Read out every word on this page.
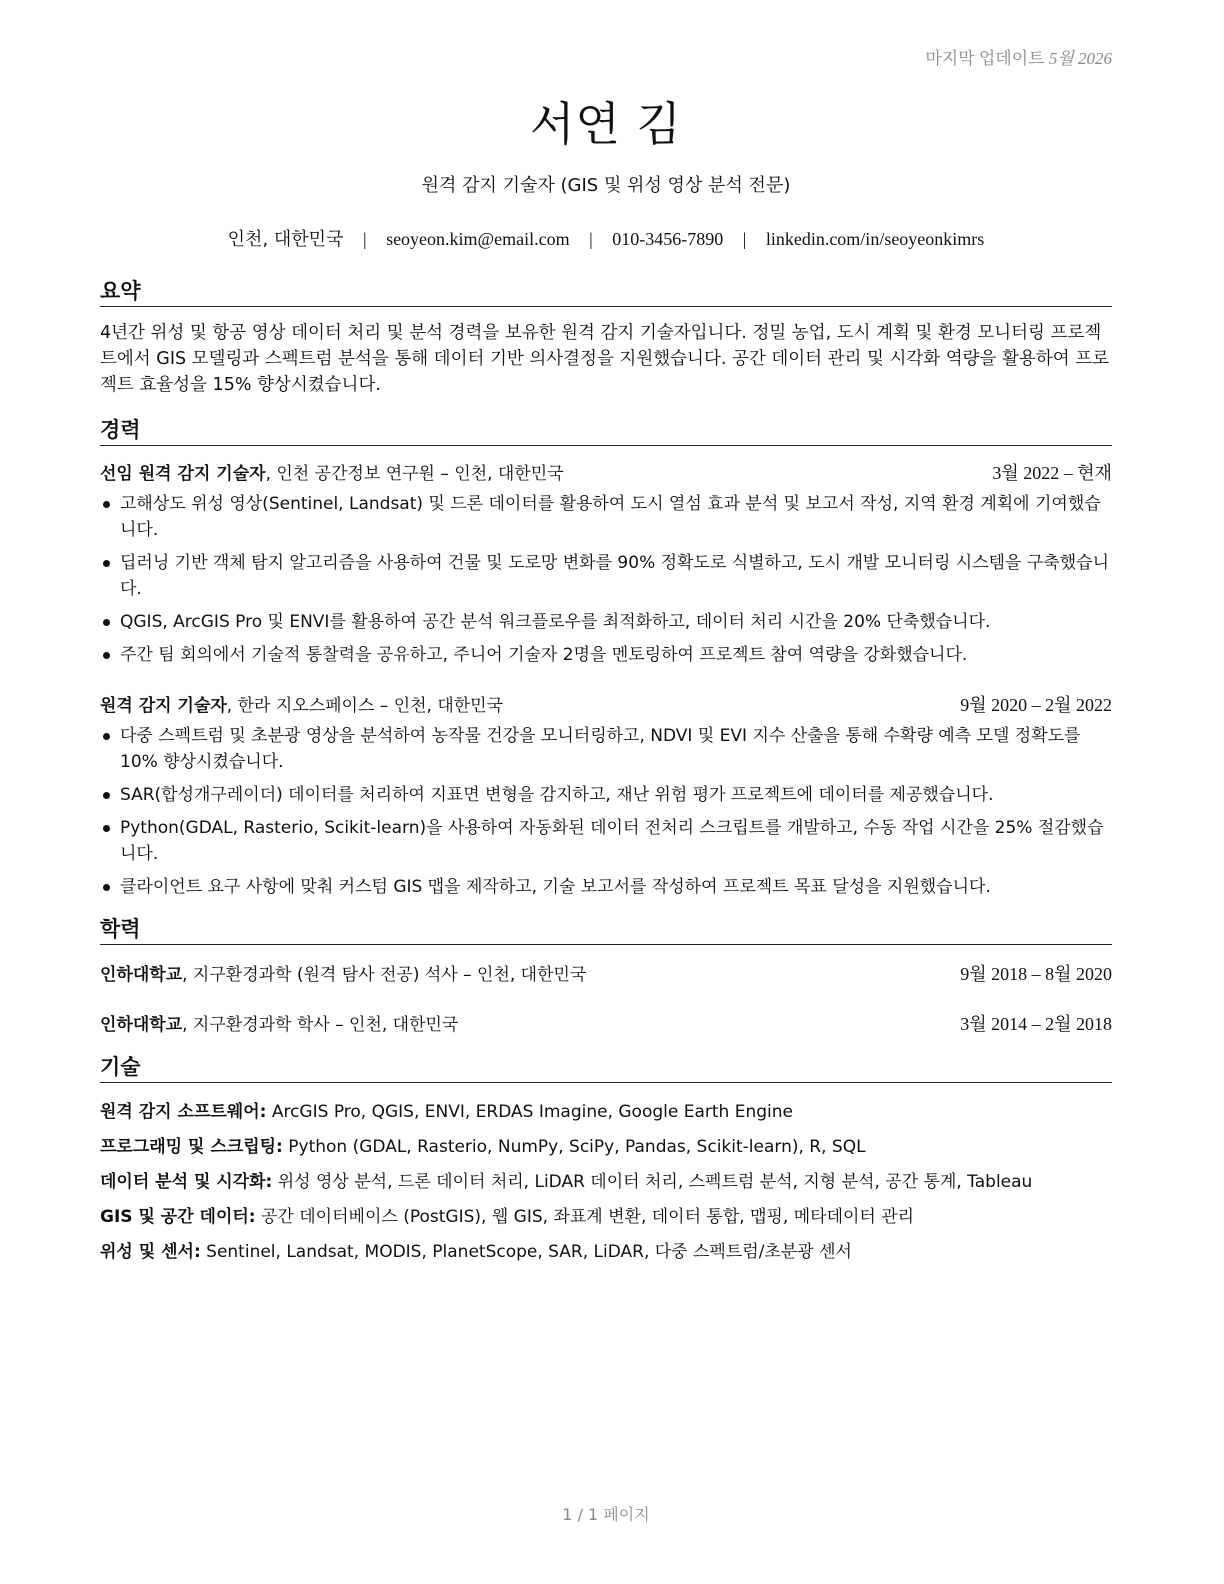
마지막 업데이트 5월 2026
서연 김
원격 감지 기술자 (GIS 및 위성 영상 분석 전문)
인천, 대한민국 | seoyeon.kim@email.com | 010-3456-7890 | linkedin.com/in/seoyeonkimrs
요약
4년간 위성 및 항공 영상 데이터 처리 및 분석 경력을 보유한 원격 감지 기술자입니다. 정밀 농업, 도시 계획 및 환경 모니터링 프로젝트에서 GIS 모델링과 스펙트럼 분석을 통해 데이터 기반 의사결정을 지원했습니다. 공간 데이터 관리 및 시각화 역량을 활용하여 프로젝트 효율성을 15% 향상시켰습니다.
경력
선임 원격 감지 기술자, 인천 공간정보 연구원 – 인천, 대한민국	3월 2022 – 현재
고해상도 위성 영상(Sentinel, Landsat) 및 드론 데이터를 활용하여 도시 열섬 효과 분석 및 보고서 작성, 지역 환경 계획에 기여했습니다.
딥러닝 기반 객체 탐지 알고리즘을 사용하여 건물 및 도로망 변화를 90% 정확도로 식별하고, 도시 개발 모니터링 시스템을 구축했습니다.
QGIS, ArcGIS Pro 및 ENVI를 활용하여 공간 분석 워크플로우를 최적화하고, 데이터 처리 시간을 20% 단축했습니다.
주간 팀 회의에서 기술적 통찰력을 공유하고, 주니어 기술자 2명을 멘토링하여 프로젝트 참여 역량을 강화했습니다.
원격 감지 기술자, 한라 지오스페이스 – 인천, 대한민국	9월 2020 – 2월 2022
다중 스펙트럼 및 초분광 영상을 분석하여 농작물 건강을 모니터링하고, NDVI 및 EVI 지수 산출을 통해 수확량 예측 모델 정확도를 10% 향상시켰습니다.
SAR(합성개구레이더) 데이터를 처리하여 지표면 변형을 감지하고, 재난 위험 평가 프로젝트에 데이터를 제공했습니다.
Python(GDAL, Rasterio, Scikit-learn)을 사용하여 자동화된 데이터 전처리 스크립트를 개발하고, 수동 작업 시간을 25% 절감했습니다.
클라이언트 요구 사항에 맞춰 커스텀 GIS 맵을 제작하고, 기술 보고서를 작성하여 프로젝트 목표 달성을 지원했습니다.
학력
인하대학교, 지구환경과학 (원격 탐사 전공) 석사 – 인천, 대한민국	9월 2018 – 8월 2020
인하대학교, 지구환경과학 학사 – 인천, 대한민국	3월 2014 – 2월 2018
기술
원격 감지 소프트웨어: ArcGIS Pro, QGIS, ENVI, ERDAS Imagine, Google Earth Engine
프로그래밍 및 스크립팅: Python (GDAL, Rasterio, NumPy, SciPy, Pandas, Scikit-learn), R, SQL
데이터 분석 및 시각화: 위성 영상 분석, 드론 데이터 처리, LiDAR 데이터 처리, 스펙트럼 분석, 지형 분석, 공간 통계, Tableau
GIS 및 공간 데이터: 공간 데이터베이스 (PostGIS), 웹 GIS, 좌표계 변환, 데이터 통합, 맵핑, 메타데이터 관리
위성 및 센서: Sentinel, Landsat, MODIS, PlanetScope, SAR, LiDAR, 다중 스펙트럼/초분광 센서
1 / 1 페이지
